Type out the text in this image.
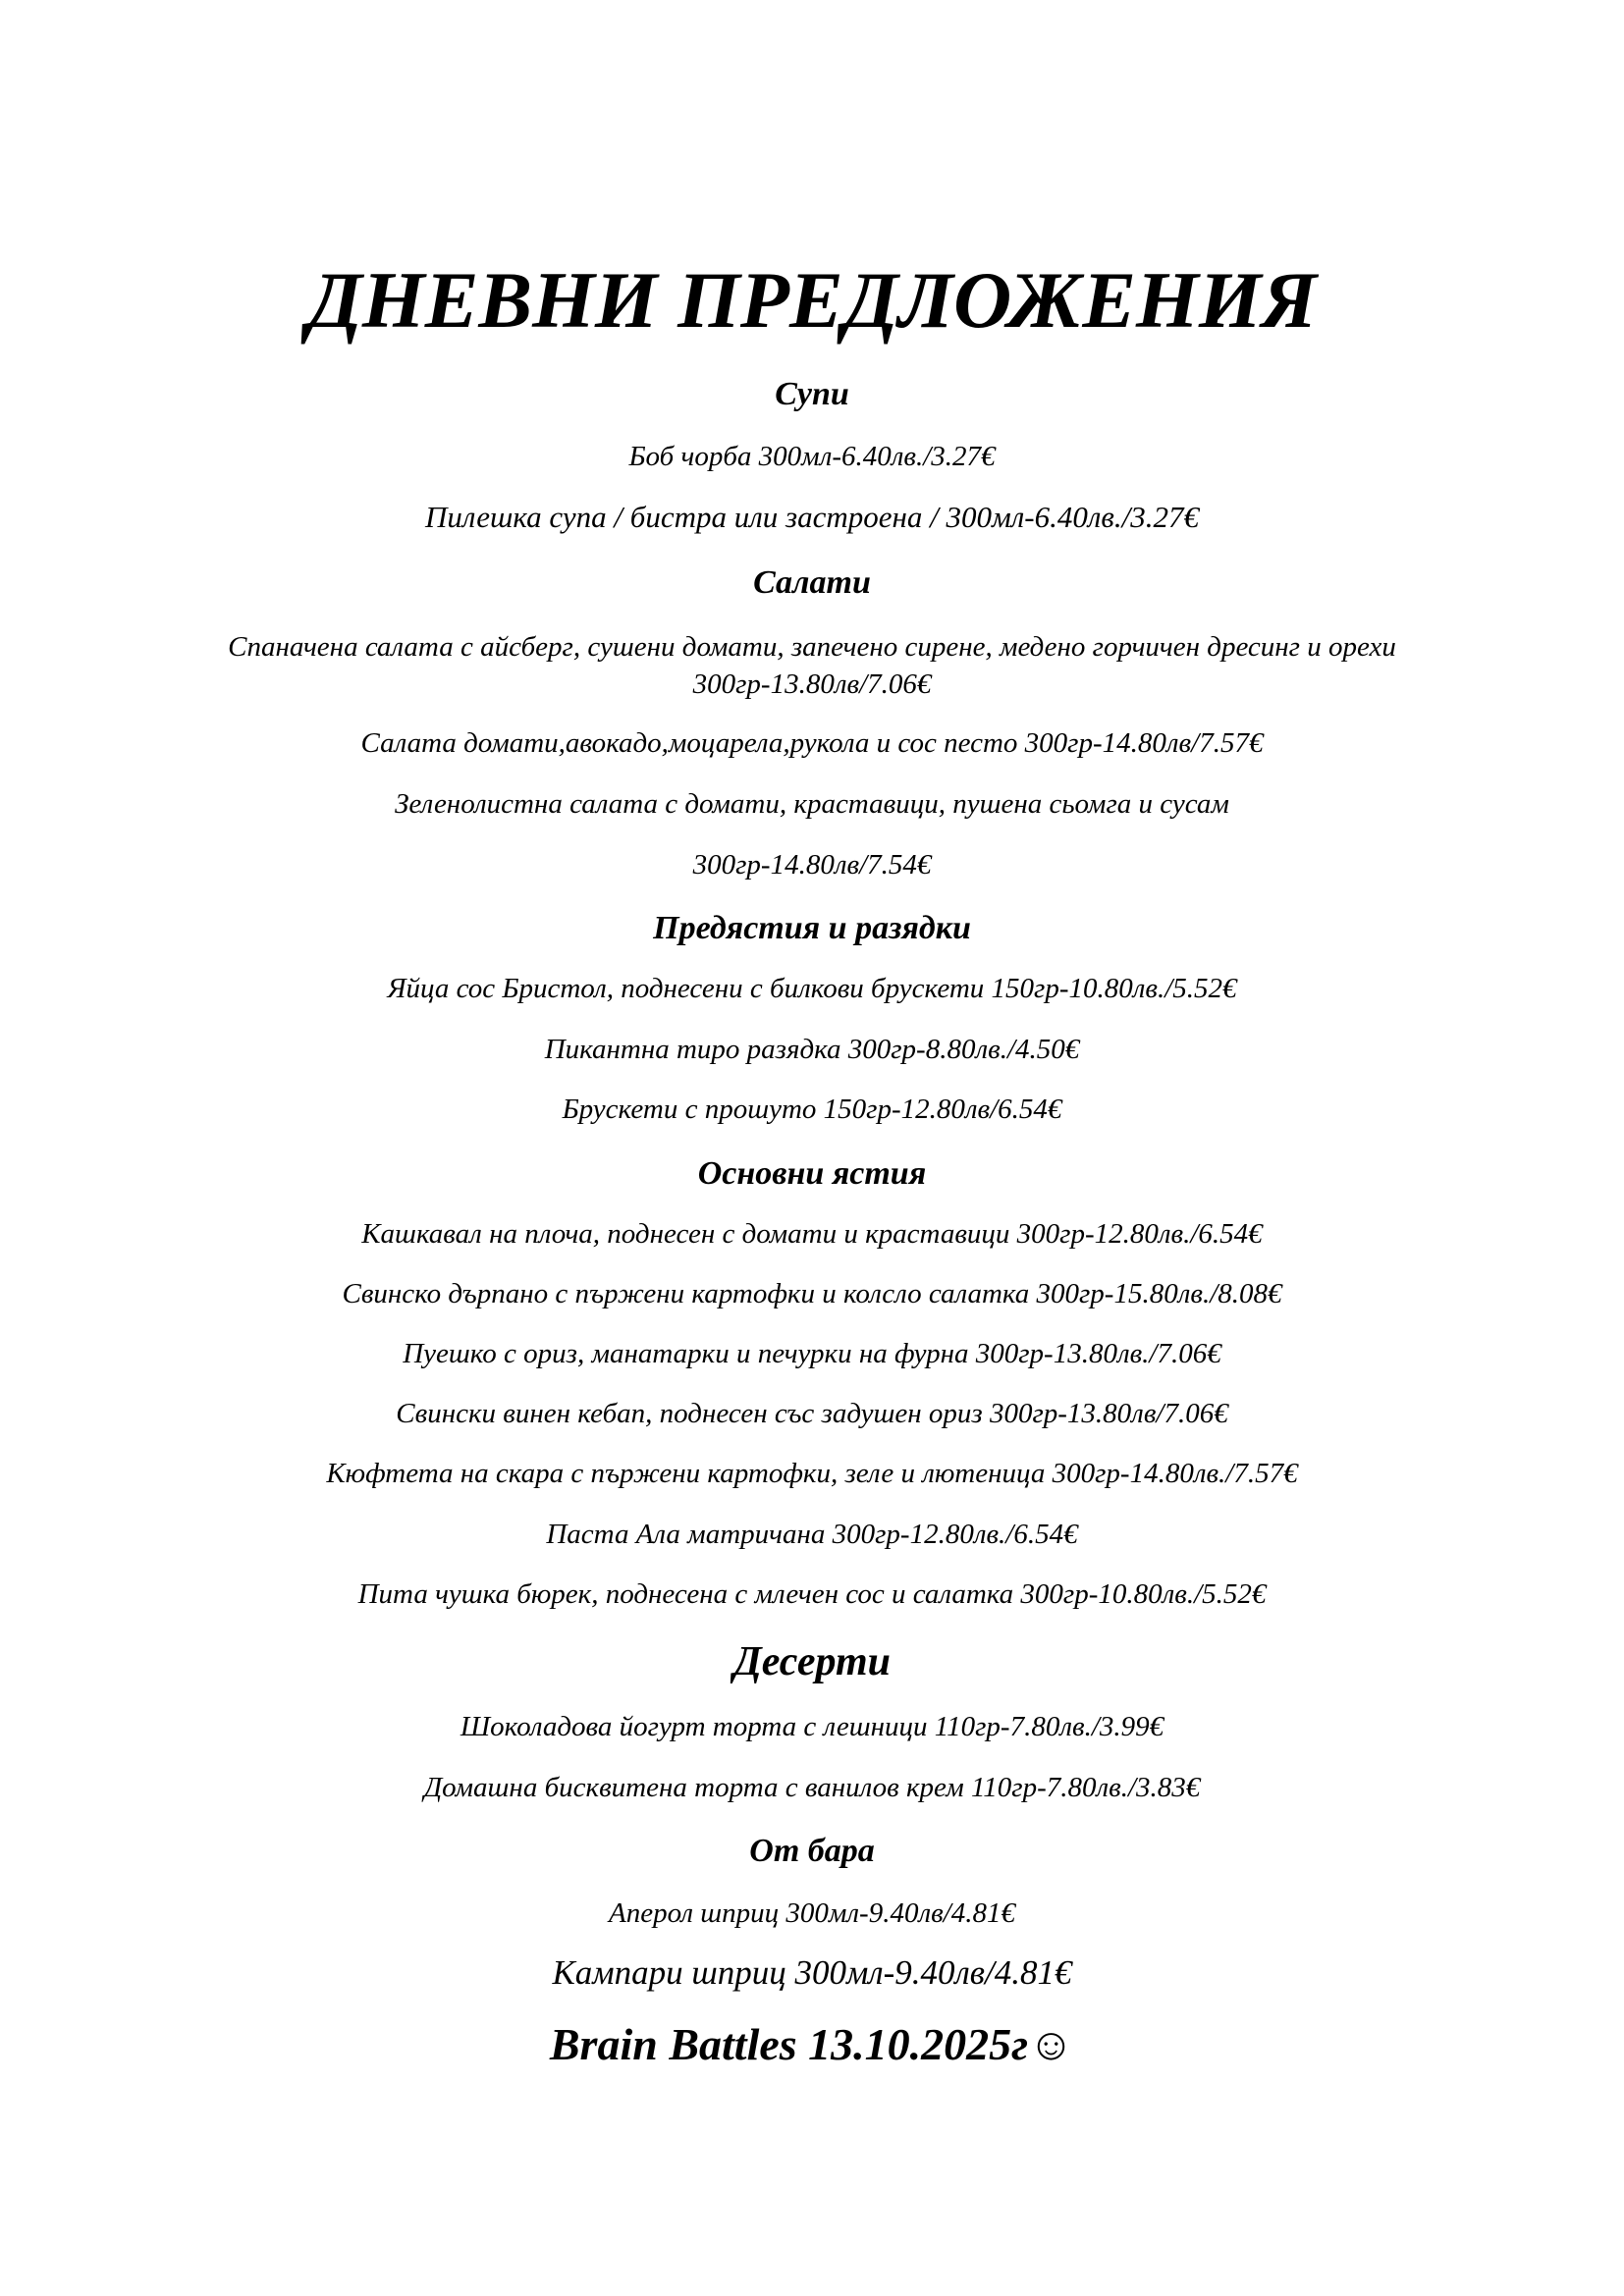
ДНЕВНИ ПРЕДЛОЖЕНИЯ
Супи
Боб чорба 300мл-6.40лв./3.27€
Пилешка супа / бистра или застроена / 300мл-6.40лв./3.27€
Салати
Спаначена салата с айсберг, сушени домати, запечено сирене, медено горчичен дресинг и орехи 300гр-13.80лв/7.06€
Салата домати,авокадо,моцарела,рукола и сос песто 300гр-14.80лв/7.57€
Зеленолистна салата с домати, краставици, пушена сьомга и сусам
300гр-14.80лв/7.54€
Предястия и разядки
Яйца сос Бристол, поднесени с билкови брускети 150гр-10.80лв./5.52€
Пикантна тиро разядка 300гр-8.80лв./4.50€
Брускети с прошуто 150гр-12.80лв/6.54€
Основни ястия
Кашкавал на плоча, поднесен с домати и краставици 300гр-12.80лв./6.54€
Свинско дърпано с пържени картофки и колсло салатка 300гр-15.80лв./8.08€
Пуешко с ориз, манатарки и печурки на фурна 300гр-13.80лв./7.06€
Свински винен кебап, поднесен със задушен ориз 300гр-13.80лв/7.06€
Кюфтета на скара с пържени картофки, зеле и лютеница 300гр-14.80лв./7.57€
Паста Ала матричана 300гр-12.80лв./6.54€
Пита чушка бюрек, поднесена с млечен сос и салатка 300гр-10.80лв./5.52€
Десерти
Шоколадова йогурт торта с лешници 110гр-7.80лв./3.99€
Домашна бисквитена торта с ванилов крем 110гр-7.80лв./3.83€
От бара
Аперол шприц 300мл-9.40лв/4.81€
Кампари шприц 300мл-9.40лв/4.81€
Brain Battles 13.10.2025г☺
